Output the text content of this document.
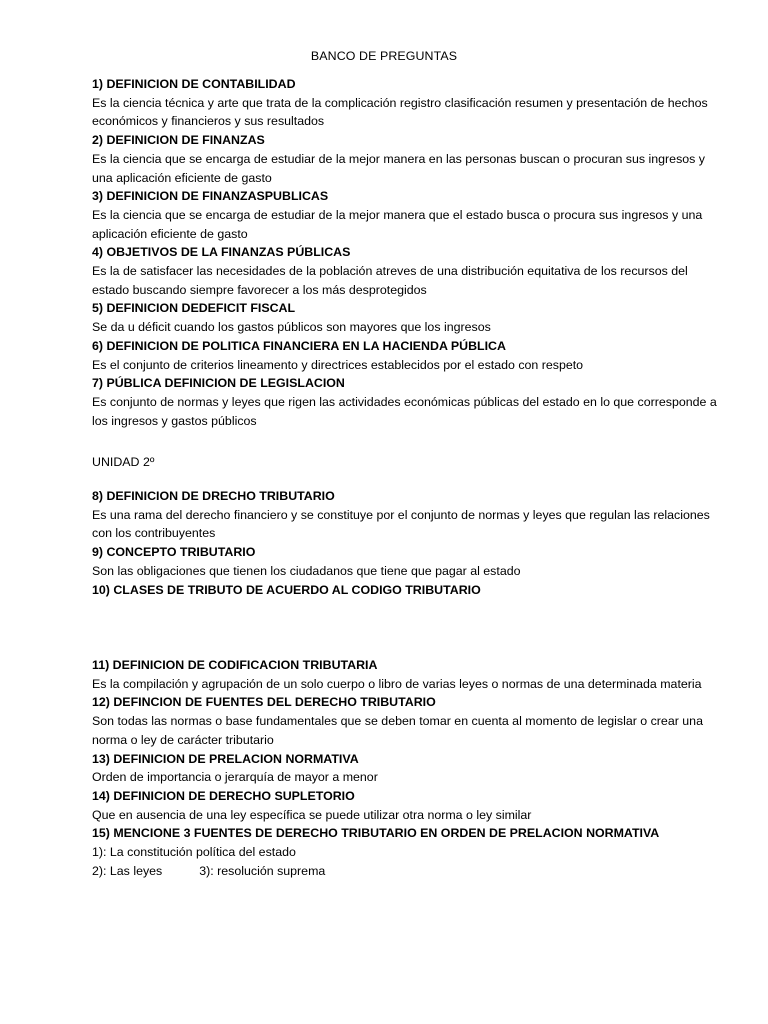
BANCO DE PREGUNTAS
1) DEFINICION DE CONTABILIDAD
Es la ciencia técnica y arte que trata de la complicación registro clasificación resumen y presentación de hechos
económicos y financieros y sus resultados
2) DEFINICION DE FINANZAS
Es la ciencia que se encarga de estudiar de la mejor manera en las personas buscan o procuran sus ingresos y
una aplicación eficiente de gasto
3) DEFINICION DE FINANZASPUBLICAS
Es la ciencia que se encarga de estudiar de la mejor manera que el estado busca o procura sus ingresos y una
aplicación eficiente de gasto
4) OBJETIVOS DE LA FINANZAS PÚBLICAS
Es la de satisfacer las necesidades de la población atreves de una distribución equitativa de los recursos del
estado buscando siempre favorecer a los más desprotegidos
5) DEFINICION DEDEFICIT FISCAL
Se da u déficit cuando los gastos públicos son mayores que los ingresos
6) DEFINICION DE POLITICA FINANCIERA EN LA HACIENDA PÚBLICA
Es el conjunto de criterios lineamento y directrices establecidos por el estado con respeto
7) PÚBLICA DEFINICION DE LEGISLACION
Es conjunto de normas y leyes que rigen las actividades económicas públicas del estado en lo que corresponde a
los ingresos y gastos públicos
UNIDAD 2º
8) DEFINICION DE DRECHO TRIBUTARIO
Es una rama del derecho financiero y se constituye por el conjunto de normas y leyes que regulan las relaciones
con los contribuyentes
9) CONCEPTO TRIBUTARIO
Son las obligaciones que tienen los ciudadanos que tiene que pagar al estado
10) CLASES DE TRIBUTO DE ACUERDO AL CODIGO TRIBUTARIO
11) DEFINICION DE CODIFICACION TRIBUTARIA
Es la compilación y agrupación de un solo cuerpo o libro de varias leyes o normas de una determinada materia
12) DEFINCION DE FUENTES DEL DERECHO TRIBUTARIO
Son todas las normas o base fundamentales que se deben tomar en cuenta al momento de legislar o crear una
norma o ley de carácter tributario
13) DEFINICION DE PRELACION NORMATIVA
Orden de importancia o jerarquía de mayor a menor
14) DEFINICION DE DERECHO SUPLETORIO
Que en ausencia de una ley específica se puede utilizar otra norma o ley similar
15) MENCIONE 3 FUENTES DE DERECHO TRIBUTARIO EN ORDEN DE PRELACION NORMATIVA
1): La constitución política del estado
2): Las leyes	3): resolución suprema
